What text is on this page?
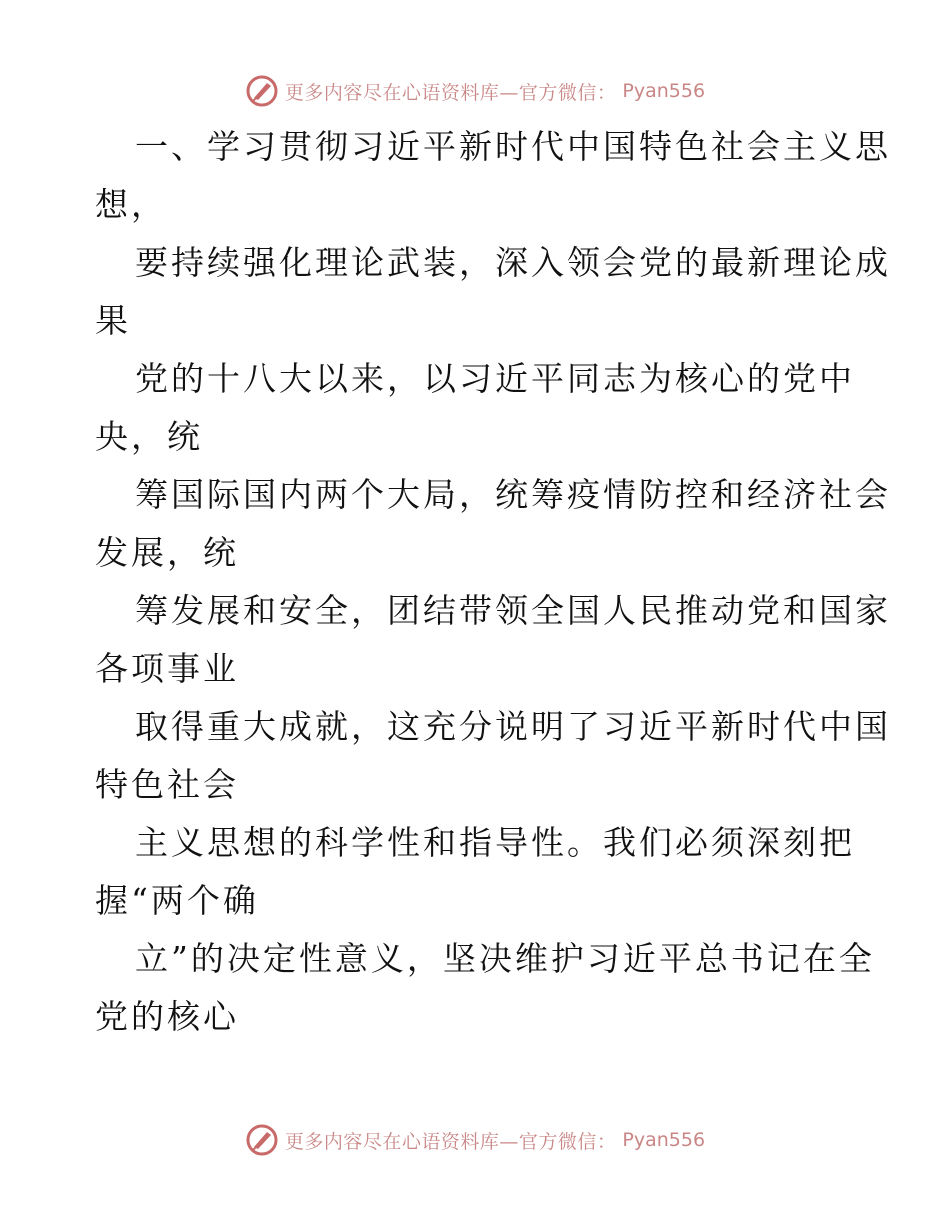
更多内容尽在心语资料库—官方微信： Pyan556
一、学习贯彻习近平新时代中国特色社会主义思
想，
要持续强化理论武装，深入领会党的最新理论成
果
党的十八大以来，以习近平同志为核心的党中
央，统
筹国际国内两个大局，统筹疫情防控和经济社会
发展，统
筹发展和安全，团结带领全国人民推动党和国家
各项事业
取得重大成就，这充分说明了习近平新时代中国
特色社会
主义思想的科学性和指导性。我们必须深刻把
握“两个确
立”的决定性意义，坚决维护习近平总书记在全
党的核心
更多内容尽在心语资料库—官方微信： Pyan556
